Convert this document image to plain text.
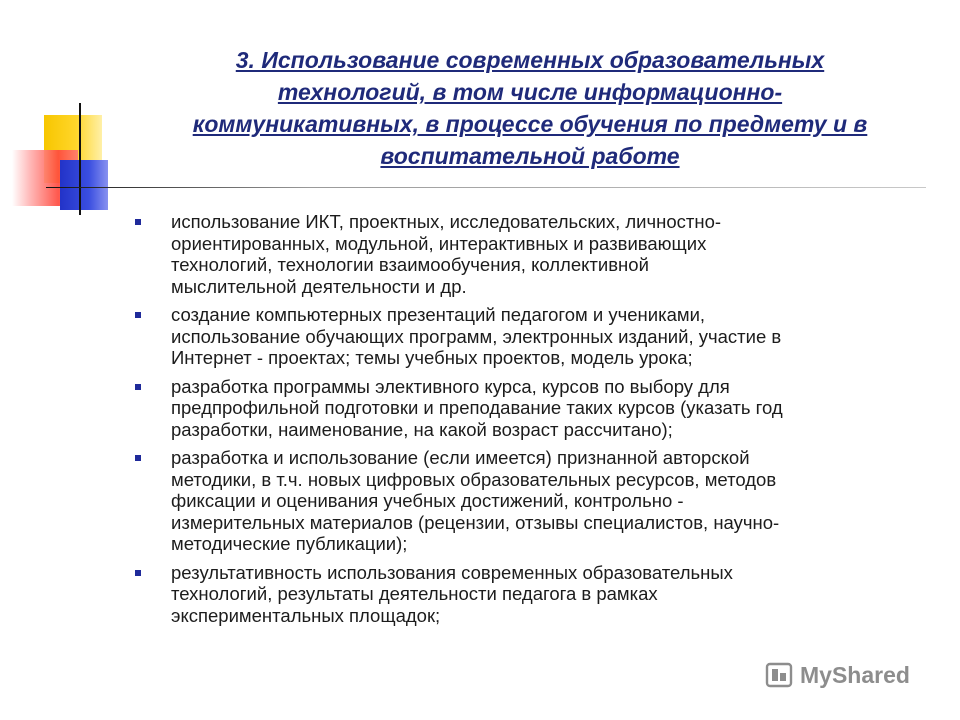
3. Использование современных образовательных
технологий, в том числе информационно-
коммуникативных, в процессе обучения по предмету и в
воспитательной работе
использование ИКТ, проектных, исследовательских, личностно-
ориентированных, модульной, интерактивных и развивающих
технологий, технологии взаимообучения, коллективной
мыслительной деятельности и др.
создание компьютерных презентаций педагогом и учениками,
использование обучающих программ, электронных изданий, участие в
Интернет - проектах; темы учебных проектов, модель урока;
разработка программы элективного курса, курсов по выбору для
предпрофильной подготовки и преподавание таких курсов (указать год
разработки, наименование, на какой возраст рассчитано);
разработка и использование (если имеется) признанной авторской
методики, в т.ч. новых цифровых образовательных ресурсов, методов
фиксации и оценивания учебных достижений, контрольно -
измерительных материалов (рецензии, отзывы специалистов, научно-
методические публикации);
результативность использования современных образовательных
технологий, результаты деятельности педагога в рамках
экспериментальных площадок;
MyShared
